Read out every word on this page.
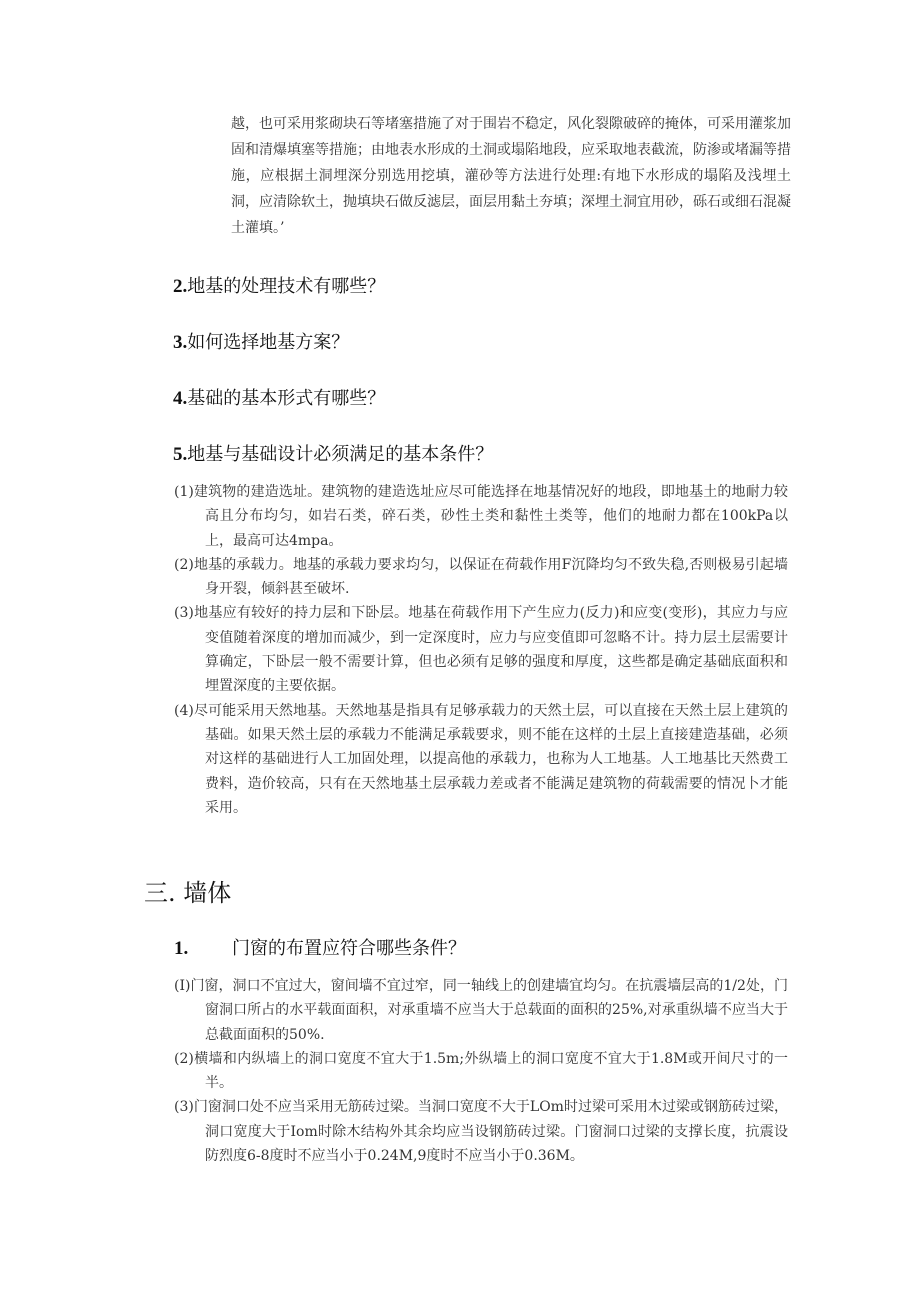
越，也可采用浆砌块石等堵塞措施了对于围岩不稳定，风化裂隙破碎的掩体，可采用灌浆加固和清爆填塞等措施；由地表水形成的土洞或塌陷地段，应采取地表截流，防渗或堵漏等措施，应根据土洞埋深分别选用挖填，灌砂等方法进行处理:有地下水形成的塌陷及浅埋土洞，应清除软土，抛填块石做反滤层，面层用黏土夯填；深埋土洞宜用砂，砾石或细石混凝土灌填。’
2.地基的处理技术有哪些？
3.如何选择地基方案？
4.基础的基本形式有哪些？
5.地基与基础设计必须满足的基本条件？
(1)建筑物的建造选址。建筑物的建造选址应尽可能选择在地基情况好的地段，即地基土的地耐力较高且分布均匀，如岩石类，碎石类，砂性土类和黏性土类等，他们的地耐力都在100kPa以上，最高可达4mpa。
(2)地基的承载力。地基的承载力要求均匀，以保证在荷载作用F沉降均匀不致失稳,否则极易引起墙身开裂，倾斜甚至破坏.
(3)地基应有较好的持力层和下卧层。地基在荷载作用下产生应力(反力)和应变(变形)，其应力与应变值随着深度的增加而减少，到一定深度时，应力与应变值即可忽略不计。持力层土层需要计算确定，下卧层一般不需要计算，但也必须有足够的强度和厚度，这些都是确定基础底面积和埋置深度的主要依据。
(4)尽可能采用天然地基。天然地基是指具有足够承载力的天然土层，可以直接在天然土层上建筑的基础。如果天然土层的承载力不能满足承载要求，则不能在这样的土层上直接建造基础，必须对这样的基础进行人工加固处理，以提高他的承载力，也称为人工地基。人工地基比天然费工费料，造价较高，只有在天然地基土层承载力差或者不能满足建筑物的荷载需要的情况卜才能采用。
三. 墙体
1. 门窗的布置应符合哪些条件？
(I)门窗，洞口不宜过大，窗间墙不宜过窄，同一轴线上的创建墙宜均匀。在抗震墙层高的1/2处，门窗洞口所占的水平载面面积，对承重墙不应当大于总载面的面积的25%,对承重纵墙不应当大于总截面面积的50%.
(2)横墙和内纵墙上的洞口宽度不宜大于1.5m;外纵墙上的洞口宽度不宜大于1.8M或开间尺寸的一半。
(3)门窗洞口处不应当采用无筋砖过梁。当洞口宽度不大于LOm时过梁可采用木过梁或钢筋砖过梁，洞口宽度大于Iom时除木结构外其余均应当设钢筋砖过梁。门窗洞口过梁的支撑长度，抗震设防烈度6-8度时不应当小于0.24M,9度时不应当小于0.36M。
